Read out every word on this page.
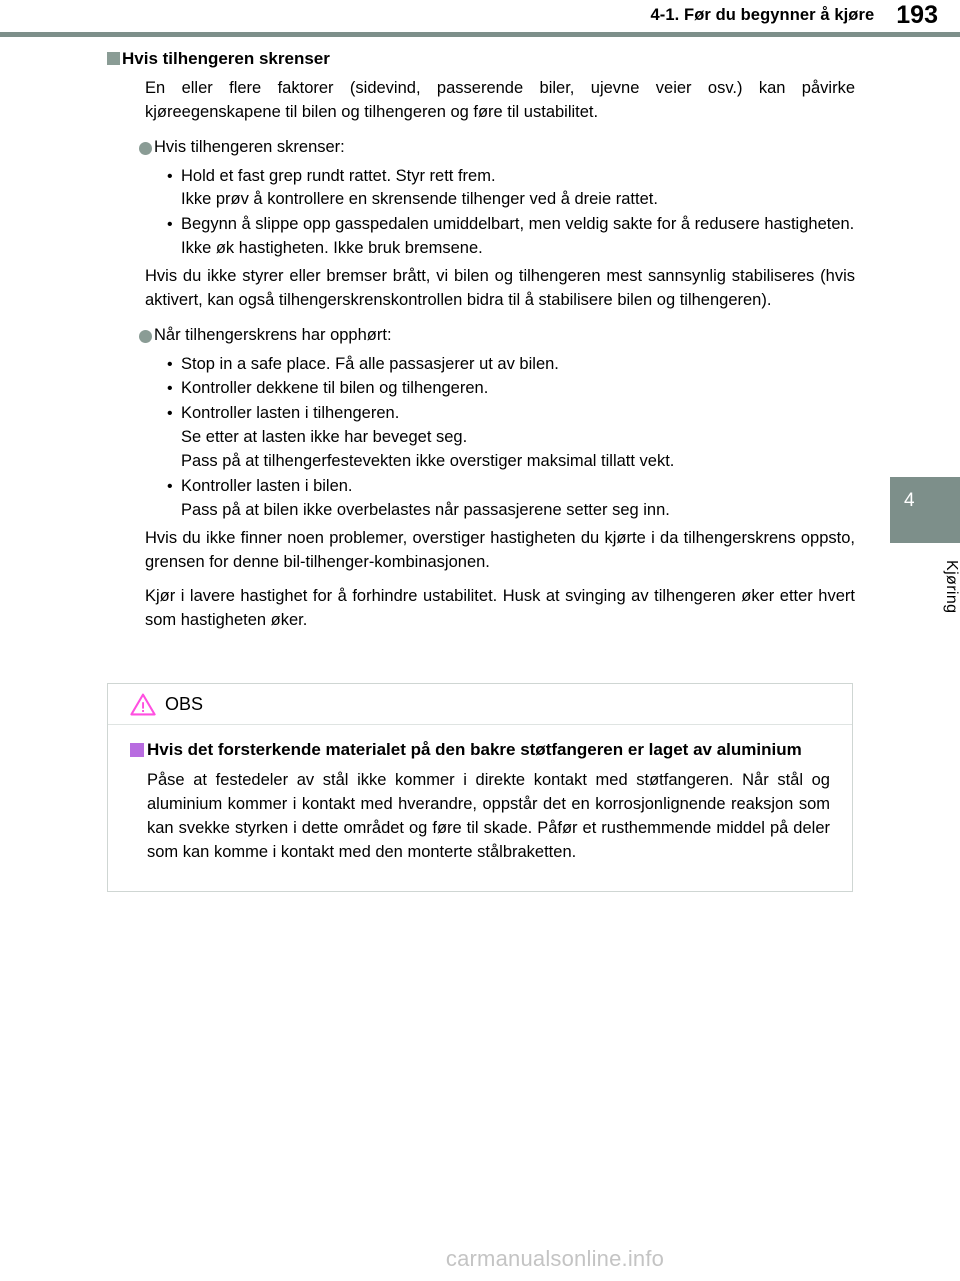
4-1. Før du begynner å kjøre 193
4
Kjøring
Hvis tilhengeren skrenser

En eller flere faktorer (sidevind, passerende biler, ujevne veier osv.) kan påvirke kjøreegenskapene til bilen og tilhengeren og føre til ustabilitet.

Hvis tilhengeren skrenser:
• Hold et fast grep rundt rattet. Styr rett frem.
Ikke prøv å kontrollere en skrensende tilhenger ved å dreie rattet.
• Begynn å slippe opp gasspedalen umiddelbart, men veldig sakte for å redusere hastigheten.
Ikke øk hastigheten. Ikke bruk bremsene.

Hvis du ikke styrer eller bremser brått, vi bilen og tilhengeren mest sannsynlig stabiliseres (hvis aktivert, kan også tilhengerskrenskontrollen bidra til å stabilisere bilen og tilhengeren).

Når tilhengerskrens har opphørt:
• Stop in a safe place. Få alle passasjerer ut av bilen.
• Kontroller dekkene til bilen og tilhengeren.
• Kontroller lasten i tilhengeren.
Se etter at lasten ikke har beveget seg.
Pass på at tilhengerfestevekten ikke overstiger maksimal tillatt vekt.
• Kontroller lasten i bilen.
Pass på at bilen ikke overbelastes når passasjerene setter seg inn.

Hvis du ikke finner noen problemer, overstiger hastigheten du kjørte i da tilhengerskrens oppsto, grensen for denne bil-tilhenger-kombinasjonen.

Kjør i lavere hastighet for å forhindre ustabilitet. Husk at svinging av tilhengeren øker etter hvert som hastigheten øker.

OBS
Hvis det forsterkende materialet på den bakre støtfangeren er laget av aluminium

Påse at festedeler av stål ikke kommer i direkte kontakt med støtfangeren. Når stål og aluminium kommer i kontakt med hverandre, oppstår det en korrosjonlignende reaksjon som kan svekke styrken i dette området og føre til skade. Påfør et rusthemmende middel på deler som kan komme i kontakt med den monterte stålbraketten.

carmanualsonline.info
